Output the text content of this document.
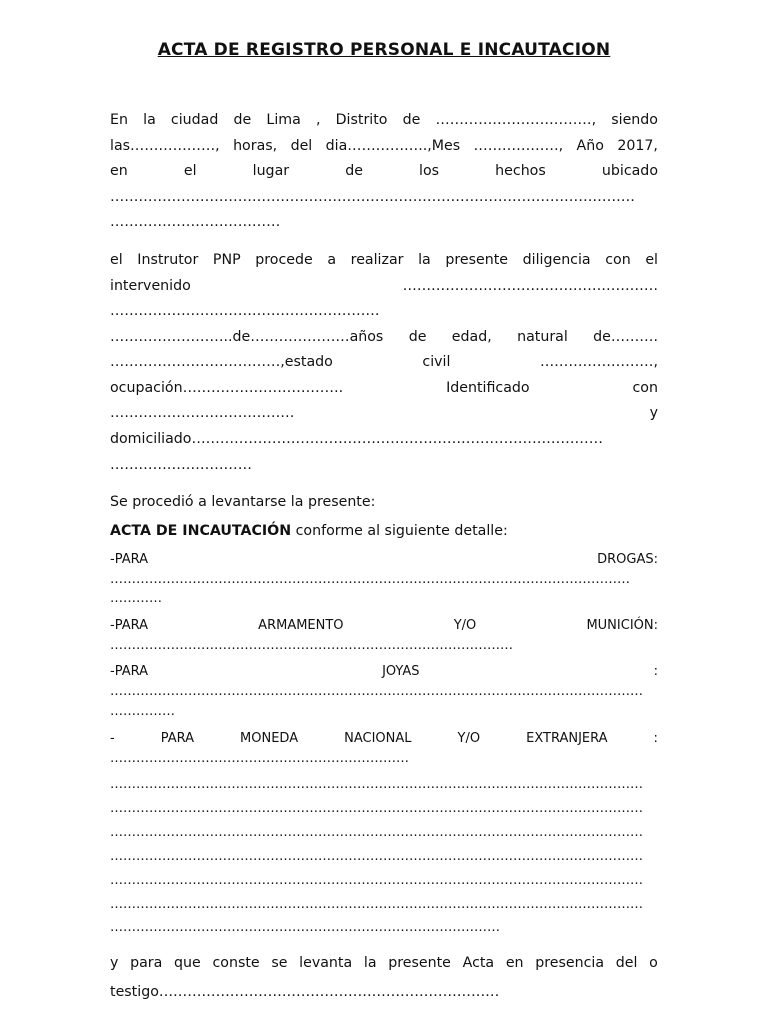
ACTA DE REGISTRO PERSONAL E INCAUTACION
En la ciudad de Lima , Distrito de ……………………………, siendo
las………………, horas, del dia……………..,Mes ………………, Año 2017,
en	el	lugar	de	los	hechos	ubicado
…………………………………………………………………………………………………
………………………………
el Instrutor PNP procede a realizar la presente diligencia con el
intervenido	………………………………………………
…………………………………………………
……………………..de…………………años de edad, natural de……….
………………………………,estado	civil	……………………,
ocupación…………………………….	Identificado	con
…………………………………	y
domiciliado……………………………………………………………………………
…………………………
Se procedió a levantarse la presente:
ACTA DE INCAUTACIÓN conforme al siguiente detalle:
-PARA	DROGAS:
…………………………………………………………………………………………………………
…………
-PARA	ARMAMENTO	Y/O	MUNICIÓN:
…………………………………………………………………………………
-PARA	JOYAS	:
……………………………………………………………………………………………………………
……………
-	PARA	MONEDA	NACIONAL	Y/O	EXTRANJERA	:
……………………………………………………………
……………………………………………………………………………………………………………
……………………………………………………………………………………………………………
……………………………………………………………………………………………………………
……………………………………………………………………………………………………………
……………………………………………………………………………………………………………
……………………………………………………………………………………………………………
………………………………………………………………………………
y para que conste se levanta la presente Acta en presencia del o
testigo………………………………………………………………
